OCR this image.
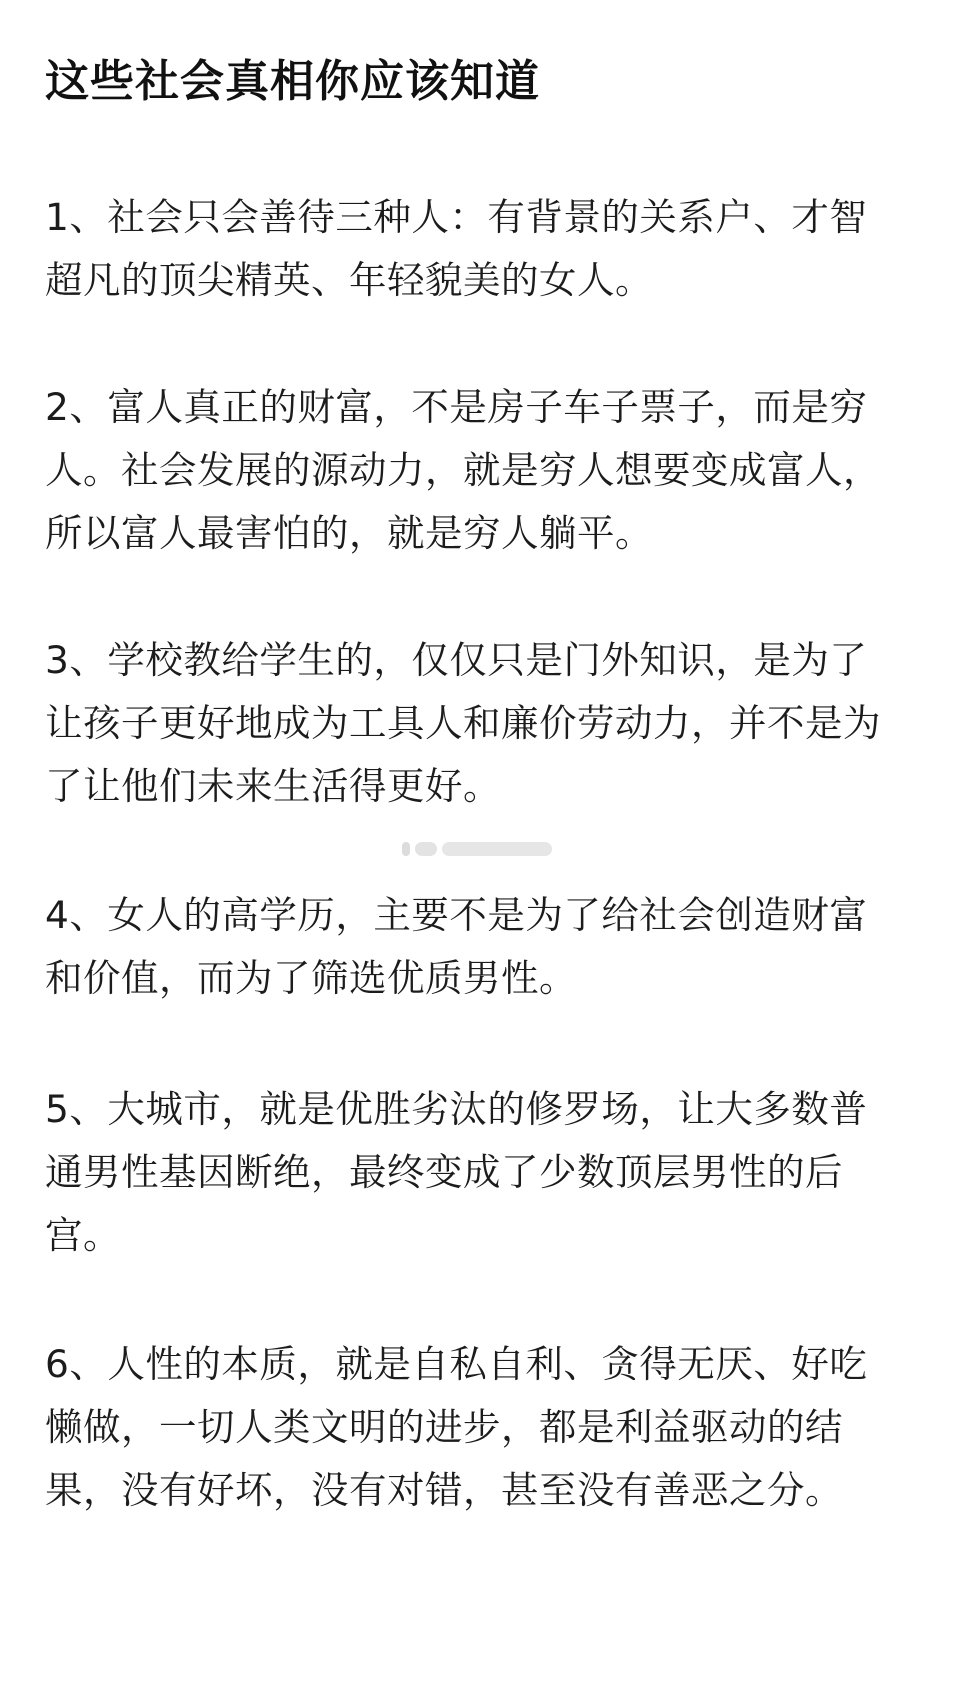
这些社会真相你应该知道
1、社会只会善待三种人：有背景的关系户、才智超凡的顶尖精英、年轻貌美的女人。
2、富人真正的财富，不是房子车子票子，而是穷人。社会发展的源动力，就是穷人想要变成富人，所以富人最害怕的，就是穷人躺平。
3、学校教给学生的，仅仅只是门外知识，是为了让孩子更好地成为工具人和廉价劳动力，并不是为了让他们未来生活得更好。
4、女人的高学历，主要不是为了给社会创造财富和价值，而为了筛选优质男性。
5、大城市，就是优胜劣汰的修罗场，让大多数普通男性基因断绝，最终变成了少数顶层男性的后宫。
6、人性的本质，就是自私自利、贪得无厌、好吃懒做，一切人类文明的进步，都是利益驱动的结果，没有好坏，没有对错，甚至没有善恶之分。
